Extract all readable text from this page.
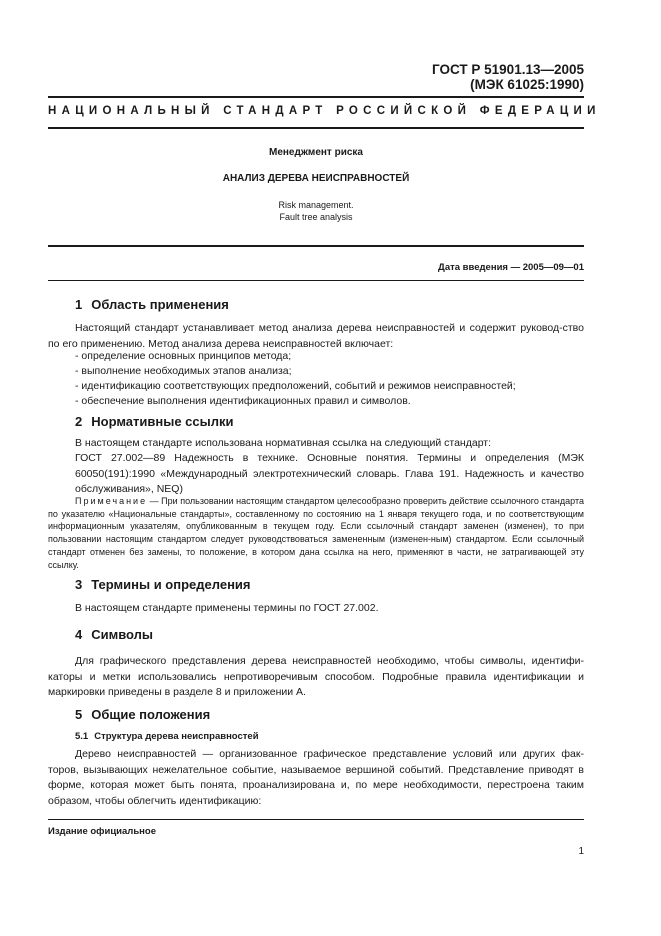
ГОСТ Р 51901.13—2005
(МЭК 61025:1990)
НАЦИОНАЛЬНЫЙ СТАНДАРТ РОССИЙСКОЙ ФЕДЕРАЦИИ
Менеджмент риска
АНАЛИЗ ДЕРЕВА НЕИСПРАВНОСТЕЙ
Risk management.
Fault tree analysis
Дата введения — 2005—09—01
1 Область применения

Настоящий стандарт устанавливает метод анализа дерева неисправностей и содержит руковод-ство по его применению. Метод анализа дерева неисправностей включает:

- определение основных принципов метода;
- выполнение необходимых этапов анализа;
- идентификацию соответствующих предположений, событий и режимов неисправностей;
- обеспечение выполнения идентификационных правил и символов.
2 Нормативные ссылки
В настоящем стандарте использована нормативная ссылка на следующий стандарт:

ГОСТ 27.002—89 Надежность в технике. Основные понятия. Термины и определения (МЭК 60050(191):1990 «Международный электротехнический словарь. Глава 191. Надежность и качество обслуживания», NEQ)

Примечание — При пользовании настоящим стандартом целесообразно проверить действие ссылочного стандарта по указателю «Национальные стандарты», составленному по состоянию на 1 января текущего года, и по соответствующим информационным указателям, опубликованным в текущем году. Если ссылочный стандарт заменен (изменен), то при пользовании настоящим стандартом следует руководствоваться замененным (изменен-ным) стандартом. Если ссылочный стандарт отменен без замены, то положение, в котором дана ссылка на него, применяют в части, не затрагивающей эту ссылку.

3 Термины и определения
В настоящем стандарте применены термины по ГОСТ 27.002.
4 Символы

Для графического представления дерева неисправностей необходимо, чтобы символы, идентифи-каторы и метки использовались непротиворечивым способом. Подробные правила идентификации и маркировки приведены в разделе 8 и приложении А.

5 Общие положения
5.1 Структура дерева неисправностей

Дерево неисправностей — организованное графическое представление условий или других фак-торов, вызывающих нежелательное событие, называемое вершиной событий. Представление приводят в форме, которая может быть понята, проанализирована и, по мере необходимости, перестроена таким образом, чтобы облегчить идентификацию:

Издание официальное
1
